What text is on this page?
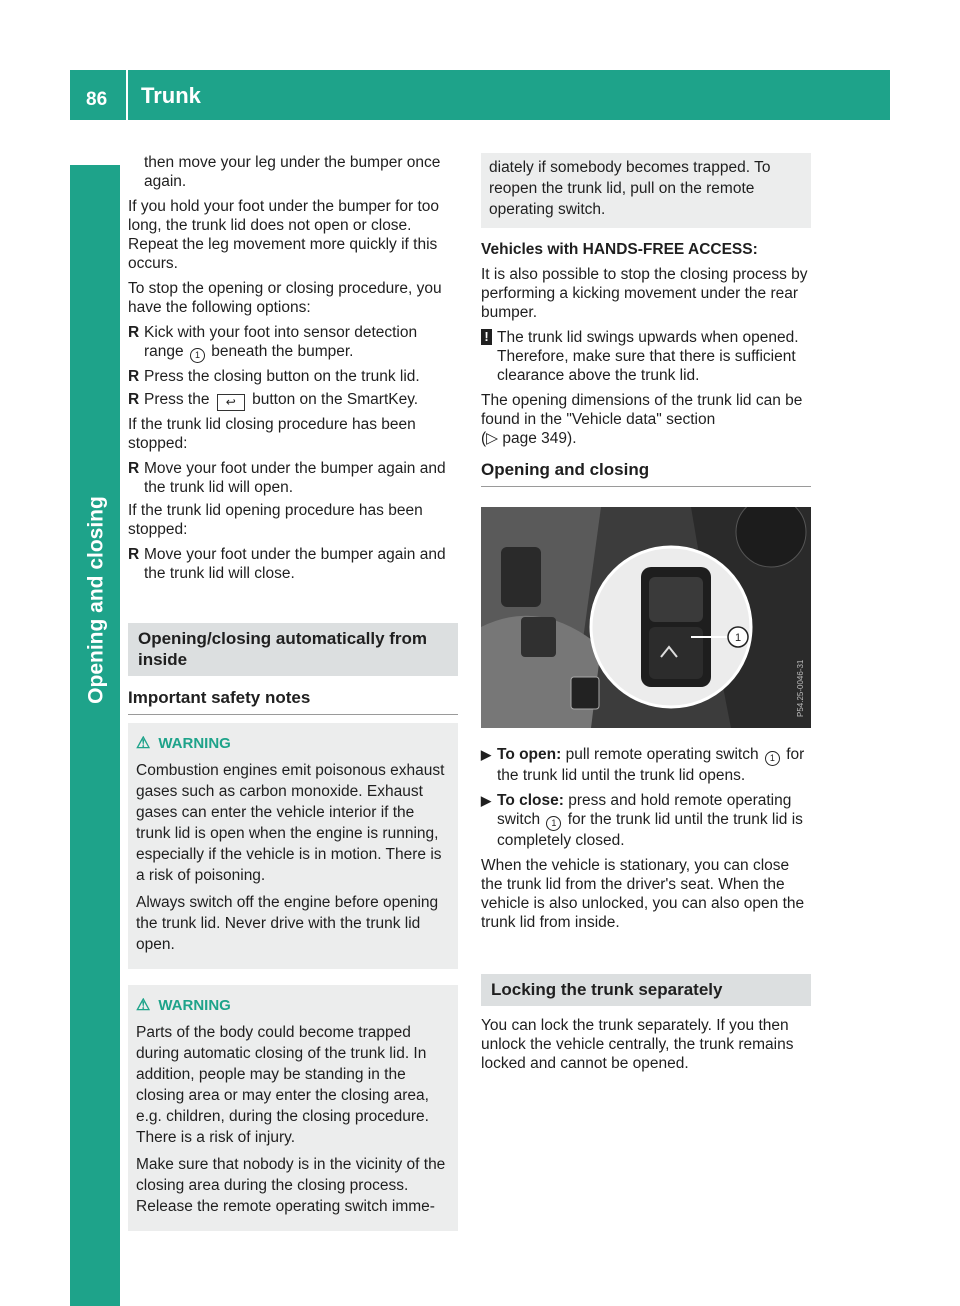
86 Trunk
Opening and closing

then move your leg under the bumper once again.

If you hold your foot under the bumper for too long, the trunk lid does not open or close. Repeat the leg movement more quickly if this occurs.

To stop the opening or closing procedure, you have the following options:

R Kick with your foot into sensor detection range 1 beneath the bumper.
R Press the closing button on the trunk lid.
R Press the ↩ button on the SmartKey.

If the trunk lid closing procedure has been stopped:

R Move your foot under the bumper again and the trunk lid will open.

If the trunk lid opening procedure has been stopped:

R Move your foot under the bumper again and the trunk lid will close.
Opening/closing automatically from inside
Important safety notes
⚠ WARNING

Combustion engines emit poisonous exhaust gases such as carbon monoxide. Exhaust gases can enter the vehicle interior if the trunk lid is open when the engine is running, especially if the vehicle is in motion. There is a risk of poisoning.

Always switch off the engine before opening the trunk lid. Never drive with the trunk lid open.

⚠ WARNING

Parts of the body could become trapped during automatic closing of the trunk lid. In addition, people may be standing in the closing area or may enter the closing area, e.g. children, during the closing procedure. There is a risk of injury.

Make sure that nobody is in the vicinity of the closing area during the closing process. Release the remote operating switch imme-

diately if somebody becomes trapped. To reopen the trunk lid, pull on the remote operating switch.

Vehicles with HANDS-FREE ACCESS:

It is also possible to stop the closing process by performing a kicking movement under the rear bumper.

! The trunk lid swings upwards when opened. Therefore, make sure that there is sufficient clearance above the trunk lid.

The opening dimensions of the trunk lid can be found in the "Vehicle data" section
(▷ page 349).

Opening and closing
1
P54.25-0046-31
▶ To open: pull remote operating switch 1 for the trunk lid until the trunk lid opens.
▶ To close: press and hold remote operating switch 1 for the trunk lid until the trunk lid is completely closed.

When the vehicle is stationary, you can close the trunk lid from the driver's seat. When the vehicle is also unlocked, you can also open the trunk lid from inside.

Locking the trunk separately

You can lock the trunk separately. If you then unlock the vehicle centrally, the trunk remains locked and cannot be opened.
